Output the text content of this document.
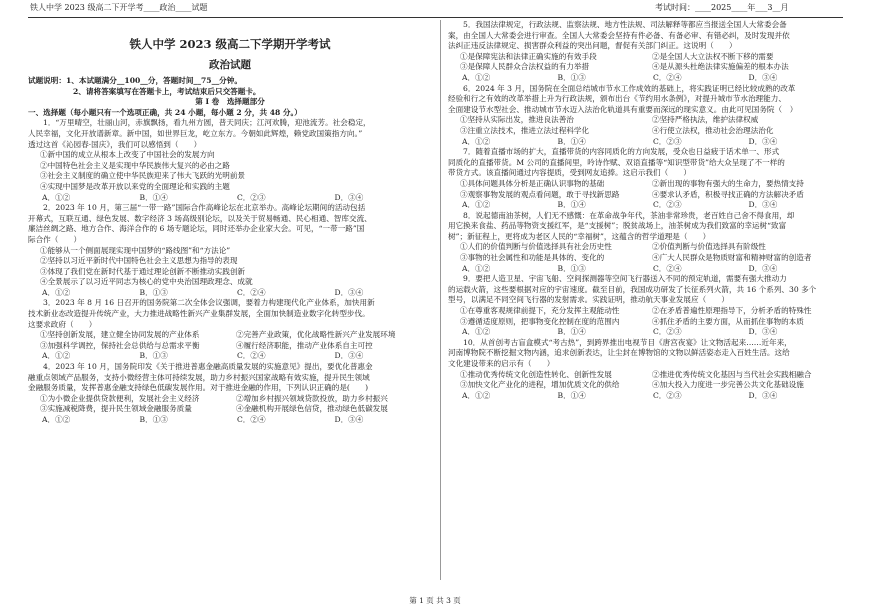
铁人中学 2023 级高二下开学考____政治____试题	考试时间：____2025____年___3__月
铁人中学 2023 级高二下学期开学考试
政治试题

试题说明：1、本试题满分__100__分，答题时间__75__分钟。

2、请将答案填写在答题卡上，考试结束后只交答题卡。

第 I 卷　选择题部分

一、选择题（每小题只有一个选项正确，共 24 小题，每小题 2 分，共 48 分。）

1．“万里晴空，壮丽山河，赤旗飘扬，看九州方圆，普天同庆；江河欢腾，迎池流芳。社会稳定，

人民幸福，文化开放谱新章。新中国，如世界巨龙，屹立东方。今朝如此辉煌，赖党政国策指方向。”

透过这首《沁园春·国庆》，我们可以感悟到（　　）

①新中国的成立从根本上改变了中国社会的发展方向

②中国特色社会主义是实现中华民族伟大复兴的必由之路

③社会主义制度的确立使中华民族迎来了伟大飞跃的光明前景

④实现中国梦是改革开放以来党的全面理论和实践的主题

A．①②	B．①④	C．②③	D．③④

2．2023 年 10 月，第三届“一带一路”国际合作高峰论坛在北京举办。高峰论坛期间的活动包括

开幕式，互联互通、绿色发展、数字经济 3 场高级别论坛，以及关于贸易畅通、民心相通、智库交流、

廉洁丝绸之路、地方合作、海洋合作的 6 场专题论坛，同时还举办企业家大会。可见，“一带一路”国

际合作（　　）

①能够从一个侧面展现实现中国梦的“路线图”和“方法论”

②坚持以习近平新时代中国特色社会主义思想为指导的表现

③体现了我们党在新时代基于通过理论创新不断推动实践创新

④全景展示了以习近平同志为核心的党中央治国理政理念、成就

A．①②	B．①③	C．②④	D．③④

3．2023 年 8 月 16 日召开的国务院第二次全体会议强调，要着力构建现代化产业体系，加快用新

技术新业态改造提升传统产业，大力推进战略性新兴产业集群发展，全面加快制造业数字化转型步伐。

这要求政府（　　）

①坚持创新发展，建立健全协同发展的产业体系	②完善产业政策，优化战略性新兴产业发展环境
③加强科学调控，保持社会总供给与总需求平衡	④履行经济职能，推动产业体系自主可控
A．①②	B．①③	C．②④	D．③④

4．2023 年 10 月，国务院印发《关于推进普惠金融高质量发展的实施意见》提出，要优化普惠金

融重点领域产品服务，支持小微经营主体可持续发展，助力乡村振兴国家战略有效实施，提升民生领域

金融服务质量，发挥普惠金融支持绿色低碳发展作用。对于推进金融的作用，下列认识正确的是(　　)

①为小微企业提供贷款便利，发展社会主义经济	②增加乡村振兴领域贷款投放，助力乡村振兴
③实施减税降费，提升民生领域金融服务质量	④金融机构开展绿色信贷，推动绿色低碳发展
A．①②	B．①③	C．②④	D．③④

5．我国法律规定，行政法规、监察法规、地方性法规、司法解释等都应当报送全国人大常委会备

案，由全国人大常委会进行审查。全国人大常委会坚持有件必备、有备必审、有错必纠，及时发现并依

法纠正违反法律规定、损害群众利益的突出问题，督促有关部门纠正。这说明（　　）

①是保障宪法和法律正确实施的有效手段	②是全国人大立法权不断下移的需要
③是保障人民群众合法权益的有力举措	④是从源头杜绝法律实施偏差的根本办法
A．①②	B．①③	C．②④	D．③④

6．2024 年 3 月，国务院在全面总结城市节水工作成效的基础上，将实践证明已经比较成熟的改革

经验和行之有效的改革举措上升为行政法规，颁布出台《节约用水条例》，对提升城市节水治理能力、

全面建设节水型社会、推动城市节水迈入法治化轨道具有重要而深远的现实意义。由此可见国务院（　）

①坚持从实际出发，推进良法善治	②坚持严格执法，维护法律权威
③注重立法技术，推进立法过程科学化	④行使立法权，推动社会治理法治化
A．①②	B．①④	C．②③	D．③④

7．随着直播市场的扩大，直播带货的内容同质化的方向发展，受众也日益疲于话术单一、形式

同质化的直播带货。M 公司的直播间里，吟诗作赋、双语直播等“知识型带货”给大众呈现了不一样的

带货方式。该直播间通过内容提质，受到网友追捧。这启示我们（　　）

①具体问题具体分析是正确认识事物的基础	②新出现的事物有强大的生命力，要热情支持
③观察事物发展的观点看问题，敢于寻找新思路	④要求认矛盾，积极寻找正确的方法解决矛盾
A．①②	B．①④	C．②③	D．③④

8．说起德南油茶树，人们无不感慨：在革命战争年代，茶油非常珍贵，老百姓自己舍不得食用，却

用它换来食盐、药品等物资支援红军，是“支援树”；脱贫战场上，油茶树成为我们致富的幸运树“致富

树”；新征程上，更将成为老区人民的“幸福树”，这蕴含的哲学道理是（　　）

①人们的价值判断与价值选择具有社会历史性	②价值判断与价值选择具有阶级性
③事物的社会属性和功能是具体的、变化的	④广大人民群众是物质财富和精神财富的创造者
A．①②	B．①③	C．②④	D．③④

9．要把人造卫星、宇宙飞船、空间探测器等空间飞行器送入不同的预定轨道，需要有强大推动力

的运载火箭，这些要根据对应的宇宙速度。截至目前，我国成功研发了长征系列火箭，共 16 个系列、30 多个

型号，以满足不同空间飞行器的发射需求。实践证明，推动航天事业发展应（　　）

①在尊重客观规律前提下，充分发挥主观能动性	②在矛盾普遍性原理指导下，分析矛盾的特殊性
③遵循适度原则，把事物变化控制在度的范围内	④抓住矛盾的主要方面，从而抓住事物的本质
A．①②	B．①④	C．②③	D．③④

10．从首创考古盲盒模式“考古热”，到跨界推出电视节目《唐宫夜宴》让文物活起来……近年来，

河南博物院不断挖掘文物内涵，追求创新表达，让尘封在博物馆的文物以鲜活姿态走入百姓生活。这给

文化建设带来的启示有（　　）

①推动优秀传统文化创造性转化、创新性发展	②推进优秀传统文化基因与当代社会实践相融合
③加快文化产业化的进程，增加优质文化的供给	④加大投入力度进一步完善公共文化基础设施
A．①②	B．①④	C．②③	D．③④
第 1 页 共 3 页
